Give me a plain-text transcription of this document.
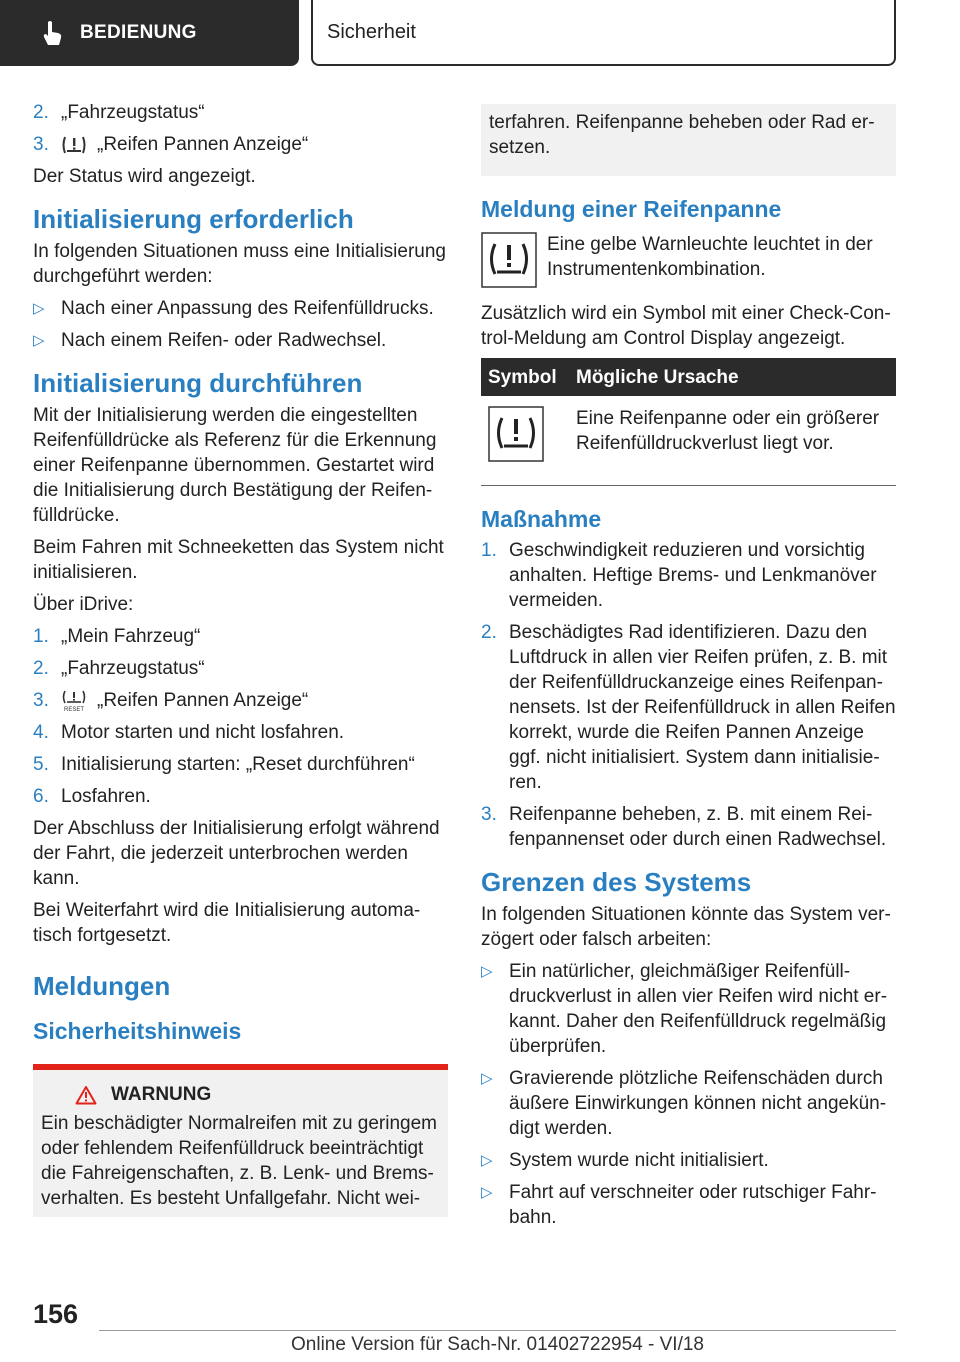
BEDIENUNG	Sicherheit
2. „Fahrzeugstatus“
3.	„Reifen Pannen Anzeige“

Der Status wird angezeigt.

Initialisierung erforderlich

In folgenden Situationen muss eine Initialisierung durchgeführt werden:

▷ Nach einer Anpassung des Reifenfülldrucks.
▷ Nach einem Reifen- oder Radwechsel.
Initialisierung durchführen

Mit der Initialisierung werden die eingestellten Reifenfülldrücke als Referenz für die Erkennung einer Reifenpanne übernommen. Gestartet wird die Initialisierung durch Bestätigung der Reifen-fülldrücke.

Beim Fahren mit Schneeketten das System nicht initialisieren.

Über iDrive:

1. „Mein Fahrzeug“
2. „Fahrzeugstatus“
3.	RESET „Reifen Pannen Anzeige“
4. Motor starten und nicht losfahren.
5. Initialisierung starten: „Reset durchführen“
6. Losfahren.

Der Abschluss der Initialisierung erfolgt während der Fahrt, die jederzeit unterbrochen werden kann.

Bei Weiterfahrt wird die Initialisierung automa-tisch fortgesetzt.

Meldungen
Sicherheitshinweis
WARNUNG

Ein beschädigter Normalreifen mit zu geringem oder fehlendem Reifenfülldruck beeinträchtigt die Fahreigenschaften, z. B. Lenk- und Brems-verhalten. Es besteht Unfallgefahr. Nicht wei-

terfahren. Reifenpanne beheben oder Rad er-setzen.

Meldung einer Reifenpanne

Eine gelbe Warnleuchte leuchtet in der Instrumentenkombination.

Zusätzlich wird ein Symbol mit einer Check-Con-trol-Meldung am Control Display angezeigt.

Symbol	Mögliche Ursache
	Eine Reifenpanne oder ein größerer Reifenfülldruckverlust liegt vor.
Maßnahme
1. Geschwindigkeit reduzieren und vorsichtig anhalten. Heftige Brems- und Lenkmanöver vermeiden.
2. Beschädigtes Rad identifizieren. Dazu den Luftdruck in allen vier Reifen prüfen, z. B. mit der Reifenfülldruckanzeige eines Reifenpan-nensets. Ist der Reifenfülldruck in allen Reifen korrekt, wurde die Reifen Pannen Anzeige ggf. nicht initialisiert. System dann initialisie-ren.
3. Reifenpanne beheben, z. B. mit einem Rei-fenpannenset oder durch einen Radwechsel.
Grenzen des Systems

In folgenden Situationen könnte das System ver-zögert oder falsch arbeiten:

▷ Ein natürlicher, gleichmäßiger Reifenfüll-druckverlust in allen vier Reifen wird nicht er-kannt. Daher den Reifenfülldruck regelmäßig überprüfen.
▷ Gravierende plötzliche Reifenschäden durch äußere Einwirkungen können nicht angekün-digt werden.
▷ System wurde nicht initialisiert.
▷ Fahrt auf verschneiter oder rutschiger Fahr-bahn.
156
Online Version für Sach-Nr. 01402722954 - VI/18
